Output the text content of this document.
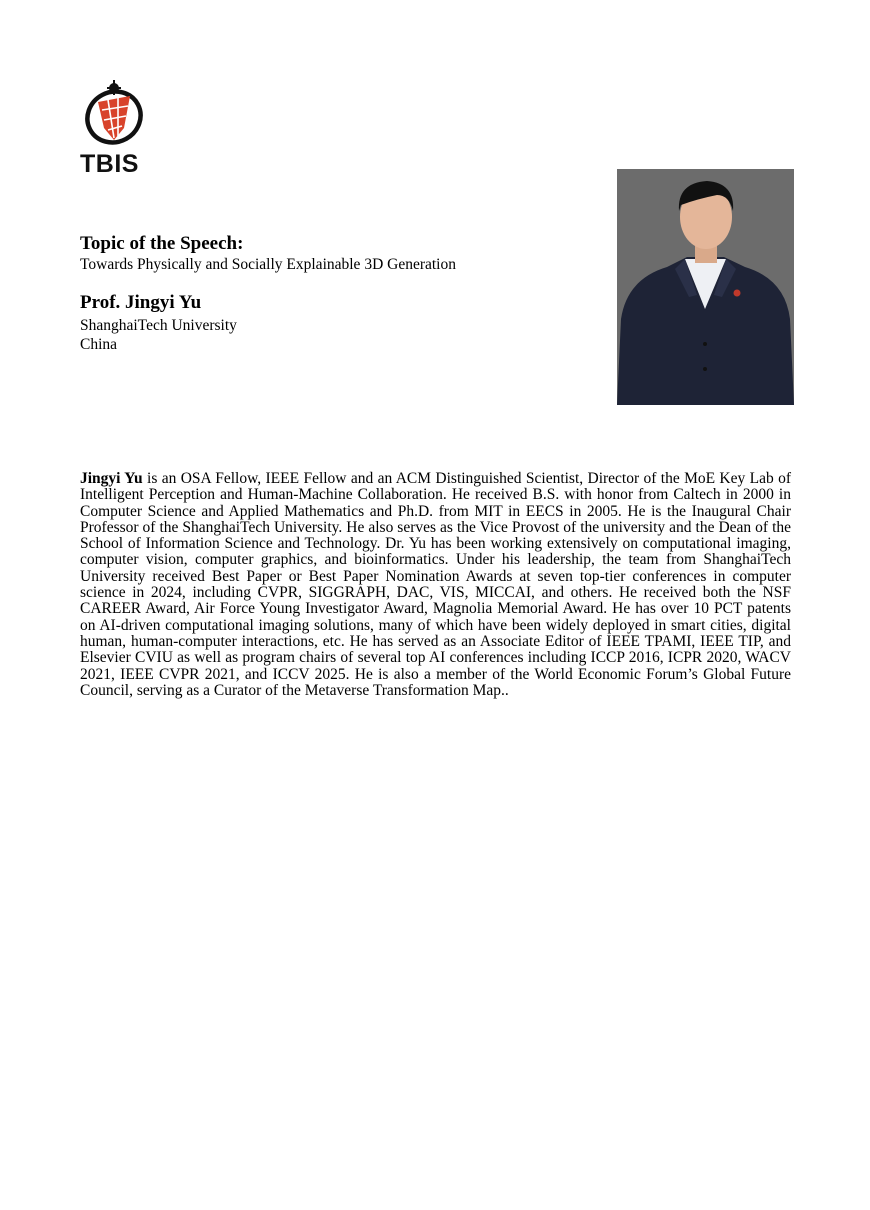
TBIS
Topic of the Speech:
Towards Physically and Socially Explainable 3D Generation
Prof. Jingyi Yu
ShanghaiTech University
China
Jingyi Yu is an OSA Fellow, IEEE Fellow and an ACM Distinguished Scientist, Director of the MoE Key Lab of Intelligent Perception and Human-Machine Collaboration. He received B.S. with honor from Caltech in 2000 in Computer Science and Applied Mathematics and Ph.D. from MIT in EECS in 2005. He is the Inaugural Chair Professor of the ShanghaiTech University. He also serves as the Vice Provost of the university and the Dean of the School of Information Science and Technology. Dr. Yu has been working extensively on computational imaging, computer vision, computer graphics, and bioinformatics. Under his leadership, the team from ShanghaiTech University received Best Paper or Best Paper Nomination Awards at seven top-tier conferences in computer science in 2024, including CVPR, SIGGRAPH, DAC, VIS, MICCAI, and others. He received both the NSF CAREER Award, Air Force Young Investigator Award, Magnolia Memorial Award. He has over 10 PCT patents on AI-driven computational imaging solutions, many of which have been widely deployed in smart cities, digital human, human-computer interactions, etc. He has served as an Associate Editor of IEEE TPAMI, IEEE TIP, and Elsevier CVIU as well as program chairs of several top AI conferences including ICCP 2016, ICPR 2020, WACV 2021, IEEE CVPR 2021, and ICCV 2025. He is also a member of the World Economic Forum’s Global Future Council, serving as a Curator of the Metaverse Transformation Map..
